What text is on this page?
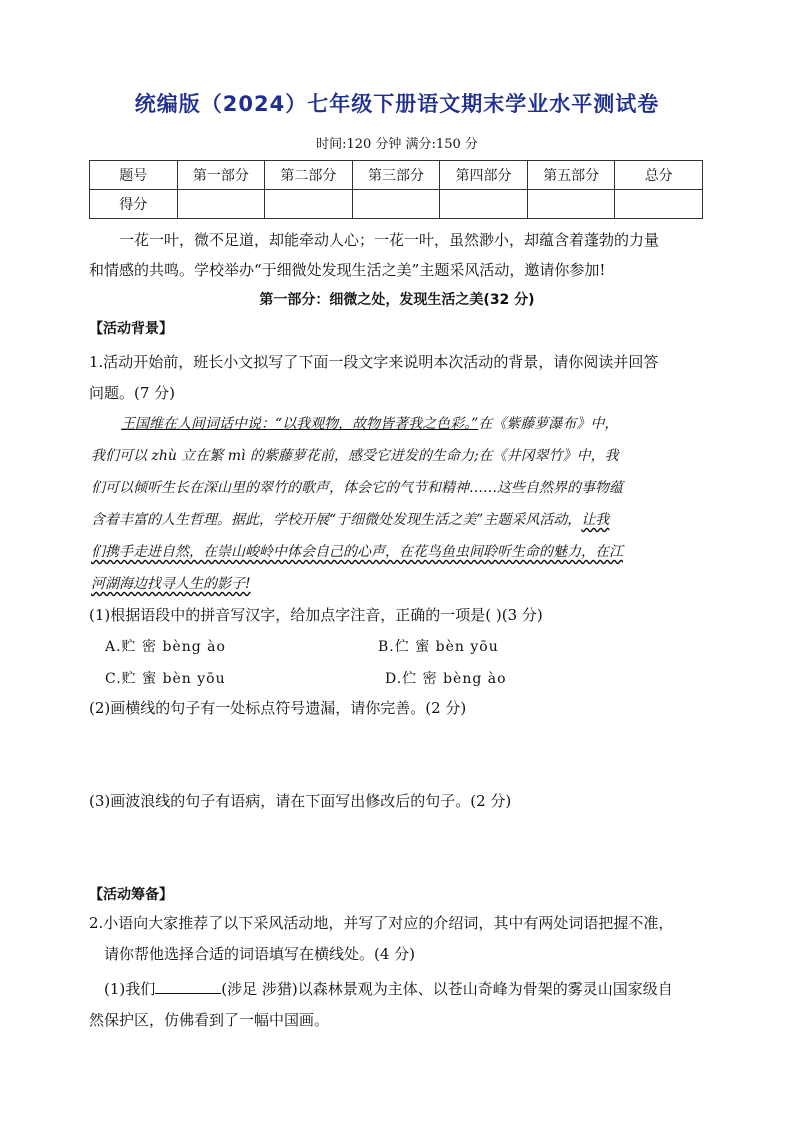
统编版（2024）七年级下册语文期末学业水平测试卷
时间:120 分钟 满分:150 分
题号	第一部分	第二部分	第三部分	第四部分	第五部分	总分
得分						
一花一叶，微不足道，却能牵动人心；一花一叶，虽然渺小，却蕴含着蓬勃的力量
和情感的共鸣。学校举办“于细微处发现生活之美”主题采风活动，邀请你参加!
第一部分：细微之处，发现生活之美(32 分)
【活动背景】
1.活动开始前，班长小文拟写了下面一段文字来说明本次活动的背景，请你阅读并回答
问题。(7 分)
王国维在人间词话中说：“以我观物，故物皆著我之色彩。”在《紫藤萝瀑布》中，
我们可以 zhù 立在繁 mì 的紫藤萝花前，感受它迸发的生命力;在《井冈翠竹》中，我
们可以倾听生长在深山里的翠竹的歌声，体会它的气节和精神……这些自然界的事物蕴
含着丰富的人生哲理。据此，学校开展“于细微处发现生活之美”主题采风活动，让我
们携手走进自然，在崇山峻岭中体会自己的心声，在花鸟鱼虫间聆听生命的魅力，在江
河湖海边找寻人生的影子!
(1)根据语段中的拼音写汉字，给加点字注音，正确的一项是( )(3 分)
A.贮 密 bèng ào	B.伫 蜜 bèn yōu
C.贮 蜜 bèn yōu	D.伫 密 bèng ào
(2)画横线的句子有一处标点符号遗漏，请你完善。(2 分)
(3)画波浪线的句子有语病，请在下面写出修改后的句子。(2 分)
【活动筹备】
2.小语向大家推荐了以下采风活动地，并写了对应的介绍词，其中有两处词语把握不准，
请你帮他选择合适的词语填写在横线处。(4 分)
(1)我们	(涉足 涉猎)以森林景观为主体、以苍山奇峰为骨架的雾灵山国家级自
然保护区，仿佛看到了一幅中国画。
